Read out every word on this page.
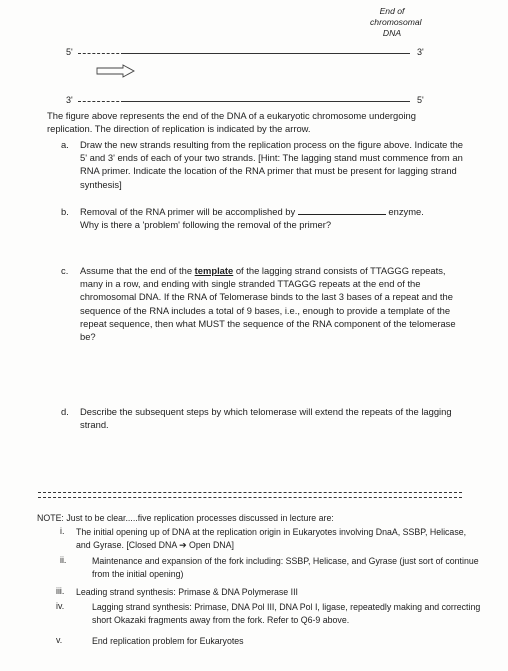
End of
chromosomal
DNA
5'	3'
3'	5'
The figure above represents the end of the DNA of a eukaryotic chromosome undergoing replication. The direction of replication is indicated by the arrow.
a. Draw the new strands resulting from the replication process on the figure above. Indicate the 5' and 3' ends of each of your two strands. [Hint: The lagging stand must commence from an RNA primer. Indicate the location of the RNA primer that must be present for lagging strand synthesis]
b. Removal of the RNA primer will be accomplished by	enzyme.
Why is there a 'problem' following the removal of the primer?

c. Assume that the end of the template of the lagging strand consists of TTAGGG repeats, many in a row, and ending with single stranded TTAGGG repeats at the end of the chromosomal DNA. If the RNA of Telomerase binds to the last 3 bases of a repeat and the sequence of the RNA includes a total of 9 bases, i.e., enough to provide a template of the repeat sequence, then what MUST the sequence of the RNA component of the telomerase be?
d. Describe the subsequent steps by which telomerase will extend the repeats of the lagging strand.
NOTE: Just to be clear.....five replication processes discussed in lecture are:
i. The initial opening up of DNA at the replication origin in Eukaryotes involving DnaA, SSBP, Helicase, and Gyrase. [Closed DNA ➔ Open DNA]
ii.	Maintenance and expansion of the fork including: SSBP, Helicase, and Gyrase (just sort of continue from the initial opening)
iii. Leading strand synthesis: Primase & DNA Polymerase III
iv.	Lagging strand synthesis: Primase, DNA Pol III, DNA Pol I, ligase, repeatedly making and correcting short Okazaki fragments away from the fork. Refer to Q6-9 above.
v.	End replication problem for Eukaryotes
